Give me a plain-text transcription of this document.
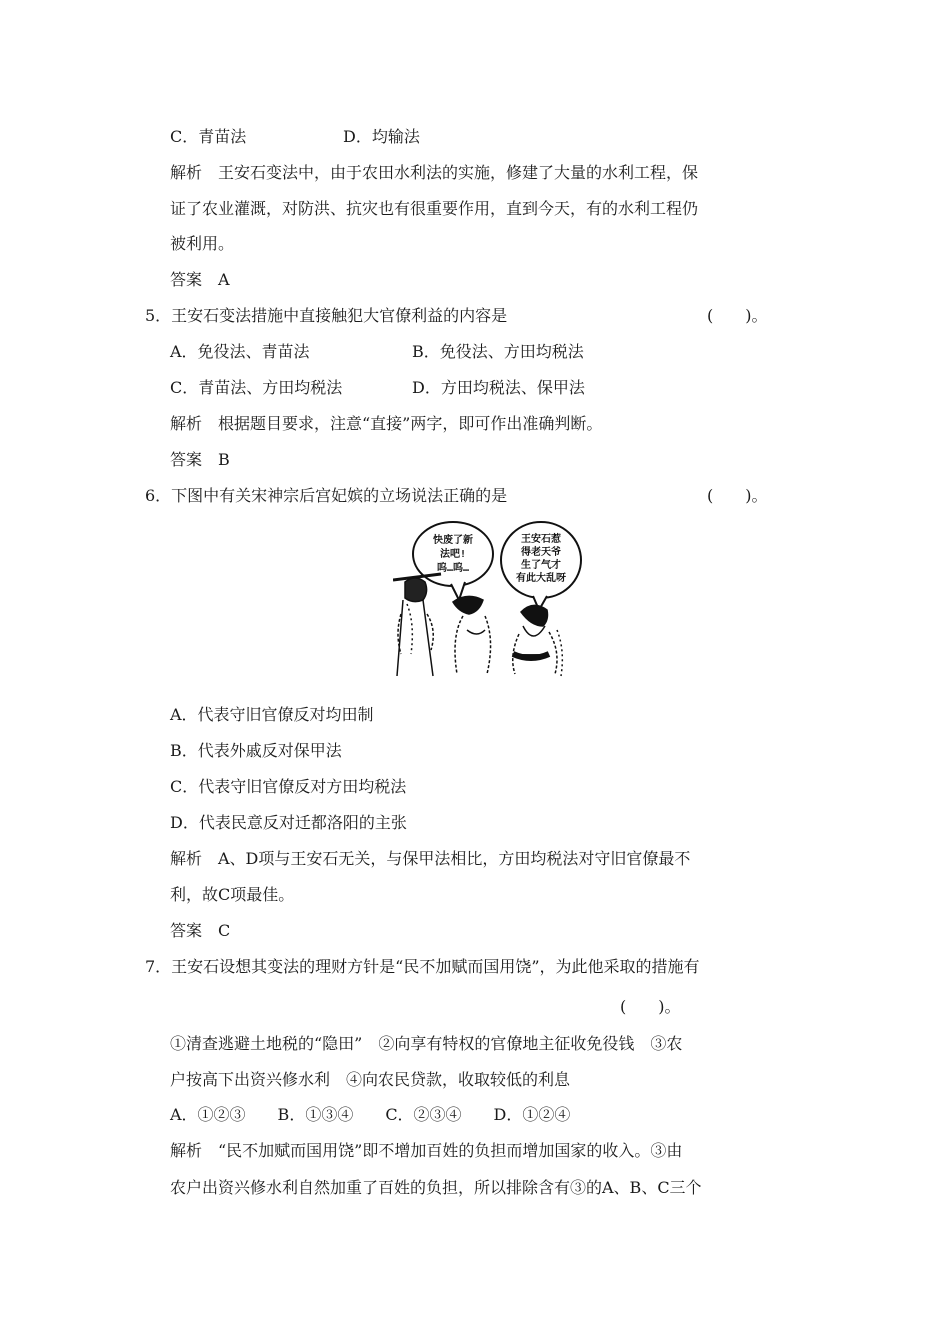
C．青苗法	D．均输法
解析　王安石变法中，由于农田水利法的实施，修建了大量的水利工程，保
证了农业灌溉，对防洪、抗灾也有很重要作用，直到今天，有的水利工程仍
被利用。
答案　A
5．王安石变法措施中直接触犯大官僚利益的内容是	(　　)。
A．免役法、青苗法	B．免役法、方田均税法
C．青苗法、方田均税法	D．方田均税法、保甲法
解析　根据题目要求，注意“直接”两字，即可作出准确判断。
答案　B
6．下图中有关宋神宗后宫妃嫔的立场说法正确的是	(　　)。
快废了新
法吧!
呜…呜…
王安石惹
得老天爷
生了气才
有此大乱呀
A．代表守旧官僚反对均田制
B．代表外戚反对保甲法
C．代表守旧官僚反对方田均税法
D．代表民意反对迁都洛阳的主张
解析　A、D项与王安石无关，与保甲法相比，方田均税法对守旧官僚最不
利，故C项最佳。
答案　C
7．王安石设想其变法的理财方针是“民不加赋而国用饶”，为此他采取的措施有
(　　)。
①清查逃避土地税的“隐田”　②向享有特权的官僚地主征收免役钱　③农
户按高下出资兴修水利　④向农民贷款，收取较低的利息
A．①②③　　B．①③④　　C．②③④　　D．①②④
解析　“民不加赋而国用饶”即不增加百姓的负担而增加国家的收入。③由
农户出资兴修水利自然加重了百姓的负担，所以排除含有③的A、B、C三个
